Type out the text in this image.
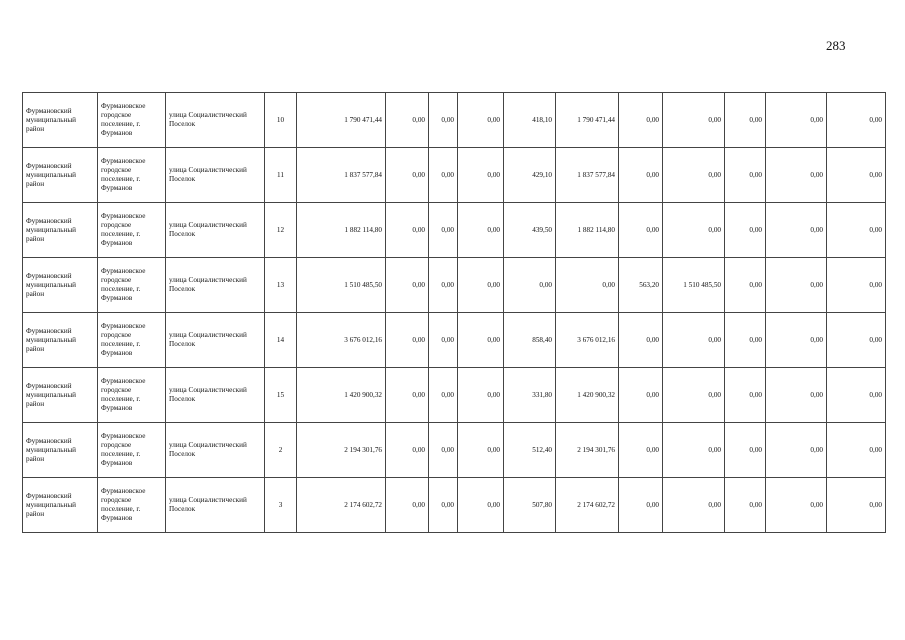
283
Фурмановский муниципальный район	Фурмановское городское поселение, г. Фурманов	улица Социалистический Поселок	10	1 790 471,44	0,00	0,00	0,00	418,10	1 790 471,44	0,00	0,00	0,00	0,00	0,00
Фурмановский муниципальный район	Фурмановское городское поселение, г. Фурманов	улица Социалистический Поселок	11	1 837 577,84	0,00	0,00	0,00	429,10	1 837 577,84	0,00	0,00	0,00	0,00	0,00
Фурмановский муниципальный район	Фурмановское городское поселение, г. Фурманов	улица Социалистический Поселок	12	1 882 114,80	0,00	0,00	0,00	439,50	1 882 114,80	0,00	0,00	0,00	0,00	0,00
Фурмановский муниципальный район	Фурмановское городское поселение, г. Фурманов	улица Социалистический Поселок	13	1 510 485,50	0,00	0,00	0,00	0,00	0,00	563,20	1 510 485,50	0,00	0,00	0,00
Фурмановский муниципальный район	Фурмановское городское поселение, г. Фурманов	улица Социалистический Поселок	14	3 676 012,16	0,00	0,00	0,00	858,40	3 676 012,16	0,00	0,00	0,00	0,00	0,00
Фурмановский муниципальный район	Фурмановское городское поселение, г. Фурманов	улица Социалистический Поселок	15	1 420 900,32	0,00	0,00	0,00	331,80	1 420 900,32	0,00	0,00	0,00	0,00	0,00
Фурмановский муниципальный район	Фурмановское городское поселение, г. Фурманов	улица Социалистический Поселок	2	2 194 301,76	0,00	0,00	0,00	512,40	2 194 301,76	0,00	0,00	0,00	0,00	0,00
Фурмановский муниципальный район	Фурмановское городское поселение, г. Фурманов	улица Социалистический Поселок	3	2 174 602,72	0,00	0,00	0,00	507,80	2 174 602,72	0,00	0,00	0,00	0,00	0,00
